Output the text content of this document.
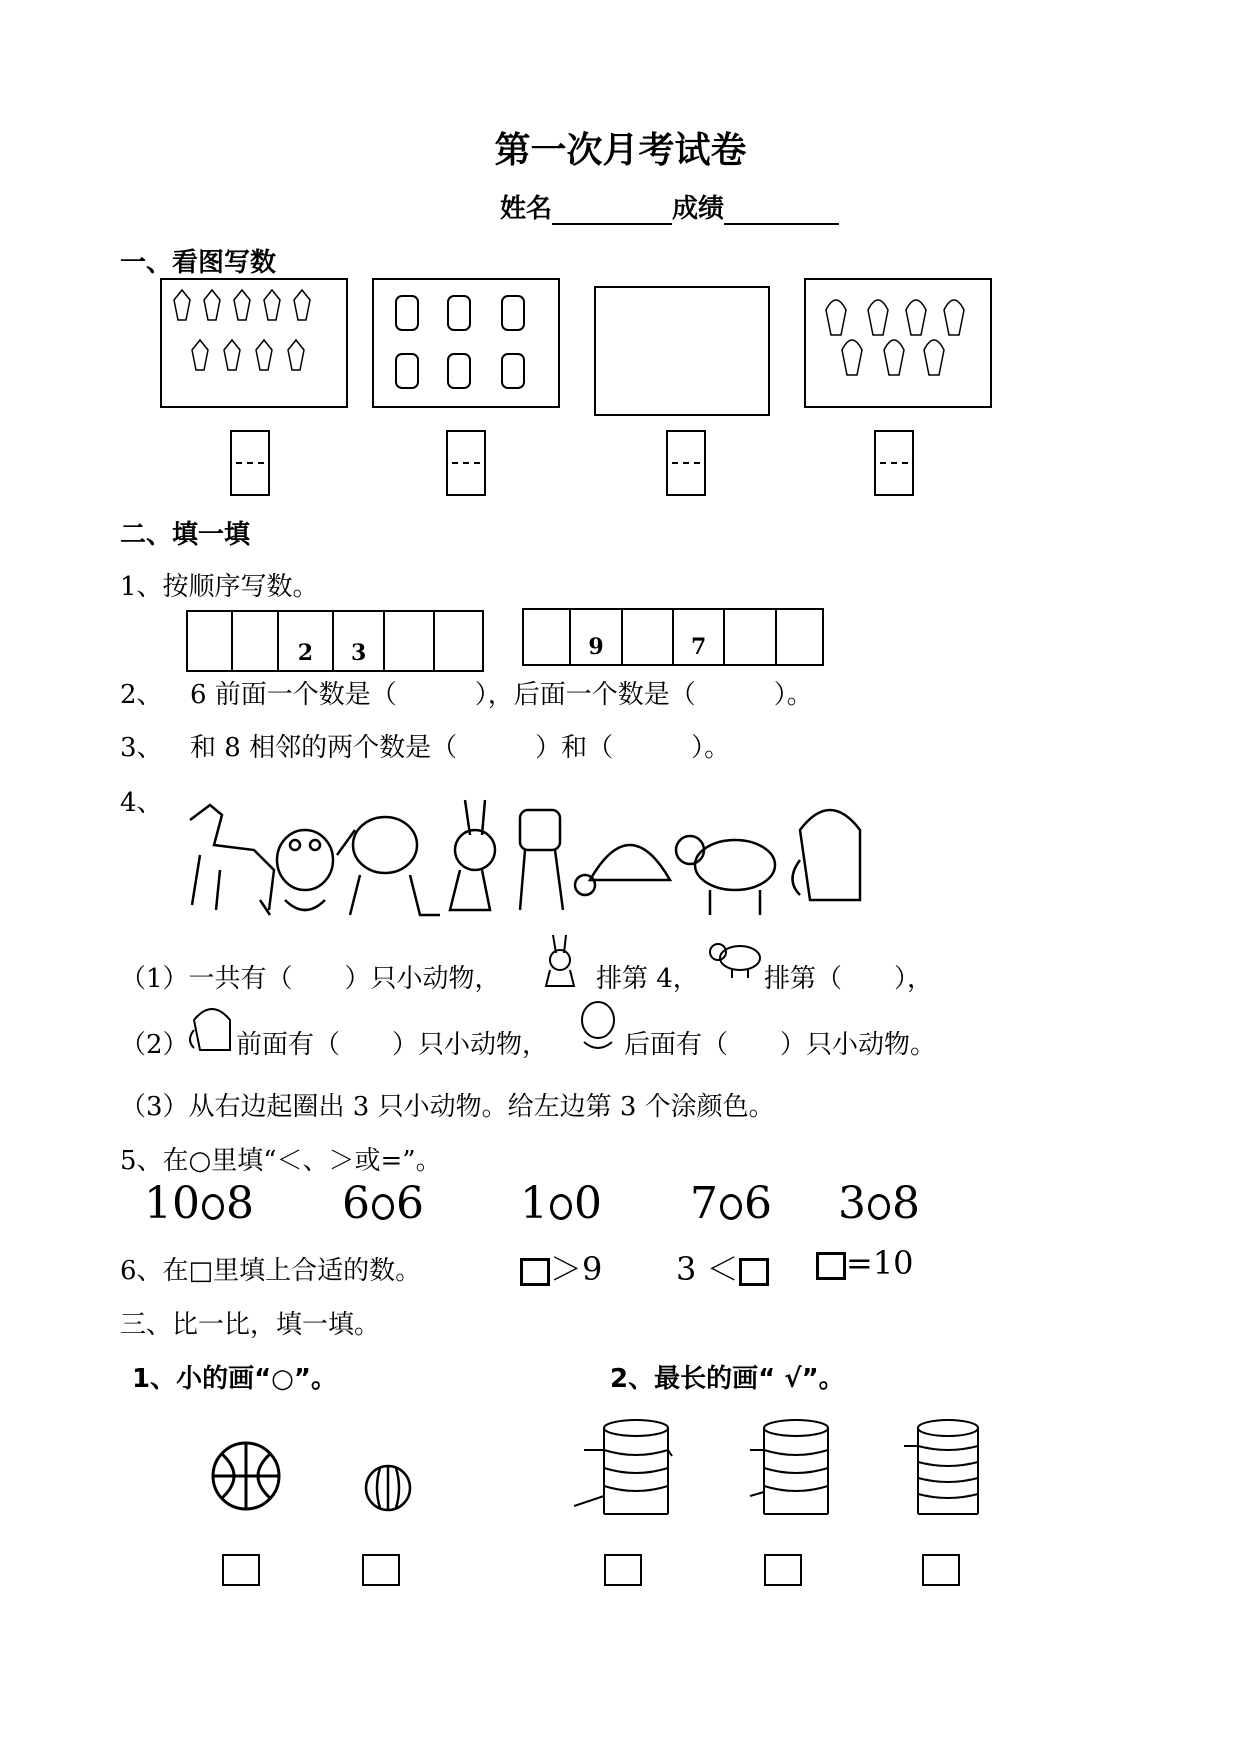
第一次月考试卷
姓名	成绩
一、看图写数
二、填一填
1、按顺序写数。
2	3	9	7
2、 6 前面一个数是（　　　），后面一个数是（　　　）。
3、 和 8 相邻的两个数是（　　　）和（　　　）。
4、
（1）一共有（　　）只小动物，	排第 4，	排第（　　），
（2） 前面有（　　）只小动物，	后面有（　　）只小动物。
（3）从右边起圈出 3 只小动物。给左边第 3 个涂颜色。
5、在○里填“＜、＞或=”。
10 8 6 6 1 0 7 6 3 8
6、在□里填上合适的数。	＞9 3 ＜	=10
三、比一比，填一填。
1、小的画“○”。	2、最长的画“ √”。
